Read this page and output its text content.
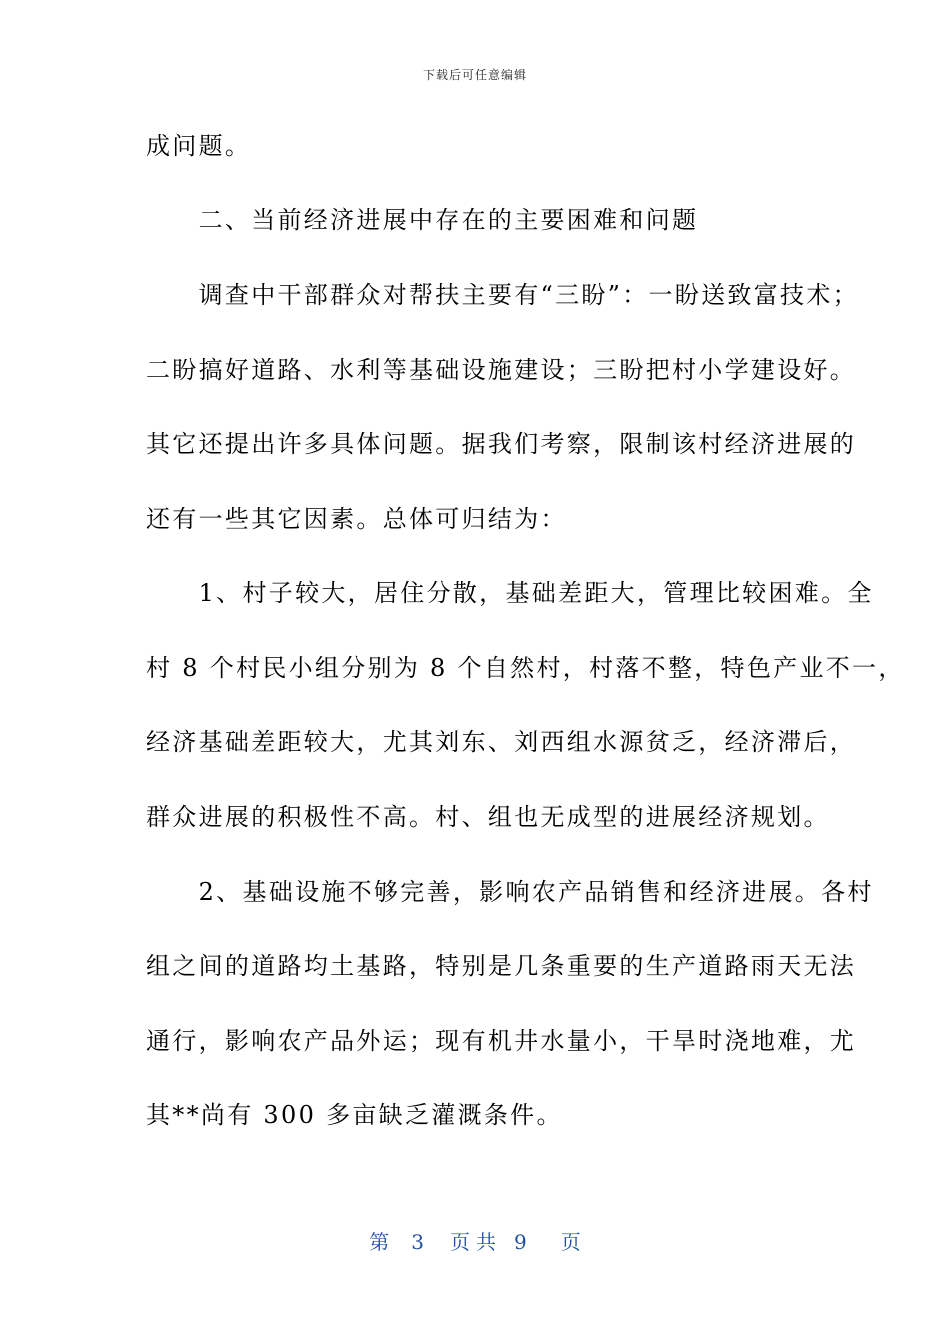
下载后可任意编辑
成问题。
　　二、当前经济进展中存在的主要困难和问题
　　调查中干部群众对帮扶主要有“三盼”：一盼送致富技术；
二盼搞好道路、水利等基础设施建设；三盼把村小学建设好。
其它还提出许多具体问题。据我们考察，限制该村经济进展的
还有一些其它因素。总体可归结为：
　　1、村子较大，居住分散，基础差距大，管理比较困难。全
村 8 个村民小组分别为 8 个自然村，村落不整，特色产业不一，
经济基础差距较大，尤其刘东、刘西组水源贫乏，经济滞后，
群众进展的积极性不高。村、组也无成型的进展经济规划。
　　2、基础设施不够完善，影响农产品销售和经济进展。各村
组之间的道路均土基路，特别是几条重要的生产道路雨天无法
通行，影响农产品外运；现有机井水量小，干旱时浇地难，尤
其**尚有 300 多亩缺乏灌溉条件。
第 3 页 共 9 页
